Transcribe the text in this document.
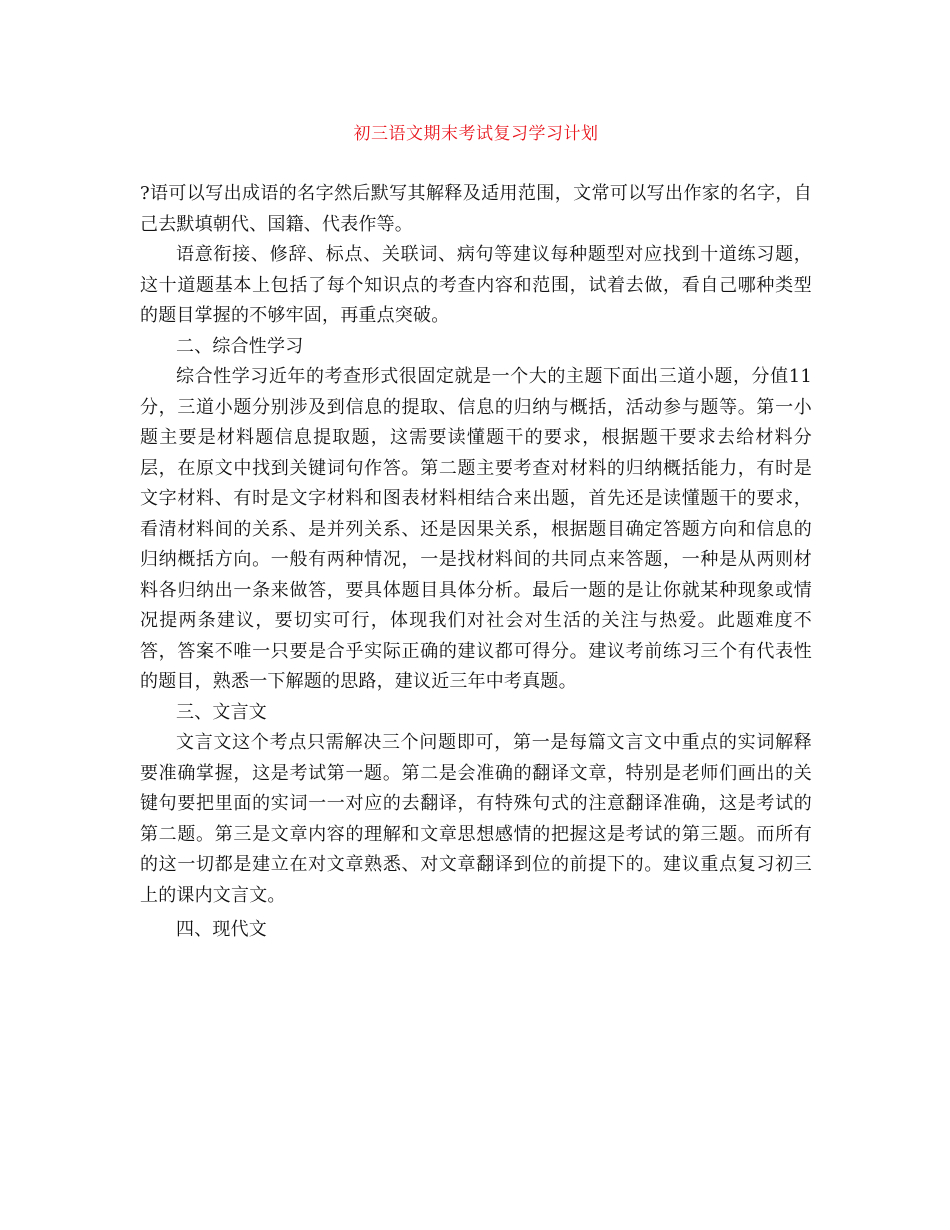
初三语文期末考试复习学习计划

?语可以写出成语的名字然后默写其解释及适用范围，文常可以写出作家的名字，自己去默填朝代、国籍、代表作等。

语意衔接、修辞、标点、关联词、病句等建议每种题型对应找到十道练习题，这十道题基本上包括了每个知识点的考查内容和范围，试着去做，看自己哪种类型的题目掌握的不够牢固，再重点突破。

二、综合性学习

综合性学习近年的考查形式很固定就是一个大的主题下面出三道小题，分值11分，三道小题分别涉及到信息的提取、信息的归纳与概括，活动参与题等。第一小题主要是材料题信息提取题，这需要读懂题干的要求，根据题干要求去给材料分层，在原文中找到关键词句作答。第二题主要考查对材料的归纳概括能力，有时是文字材料、有时是文字材料和图表材料相结合来出题，首先还是读懂题干的要求，看清材料间的关系、是并列关系、还是因果关系，根据题目确定答题方向和信息的归纳概括方向。一般有两种情况，一是找材料间的共同点来答题，一种是从两则材料各归纳出一条来做答，要具体题目具体分析。最后一题的是让你就某种现象或情况提两条建议，要切实可行，体现我们对社会对生活的关注与热爱。此题难度不答，答案不唯一只要是合乎实际正确的建议都可得分。建议考前练习三个有代表性的题目，熟悉一下解题的思路，建议近三年中考真题。

三、文言文

文言文这个考点只需解决三个问题即可，第一是每篇文言文中重点的实词解释要准确掌握，这是考试第一题。第二是会准确的翻译文章，特别是老师们画出的关键句要把里面的实词一一对应的去翻译，有特殊句式的注意翻译准确，这是考试的第二题。第三是文章内容的理解和文章思想感情的把握这是考试的第三题。而所有的这一切都是建立在对文章熟悉、对文章翻译到位的前提下的。建议重点复习初三上的课内文言文。

四、现代文
